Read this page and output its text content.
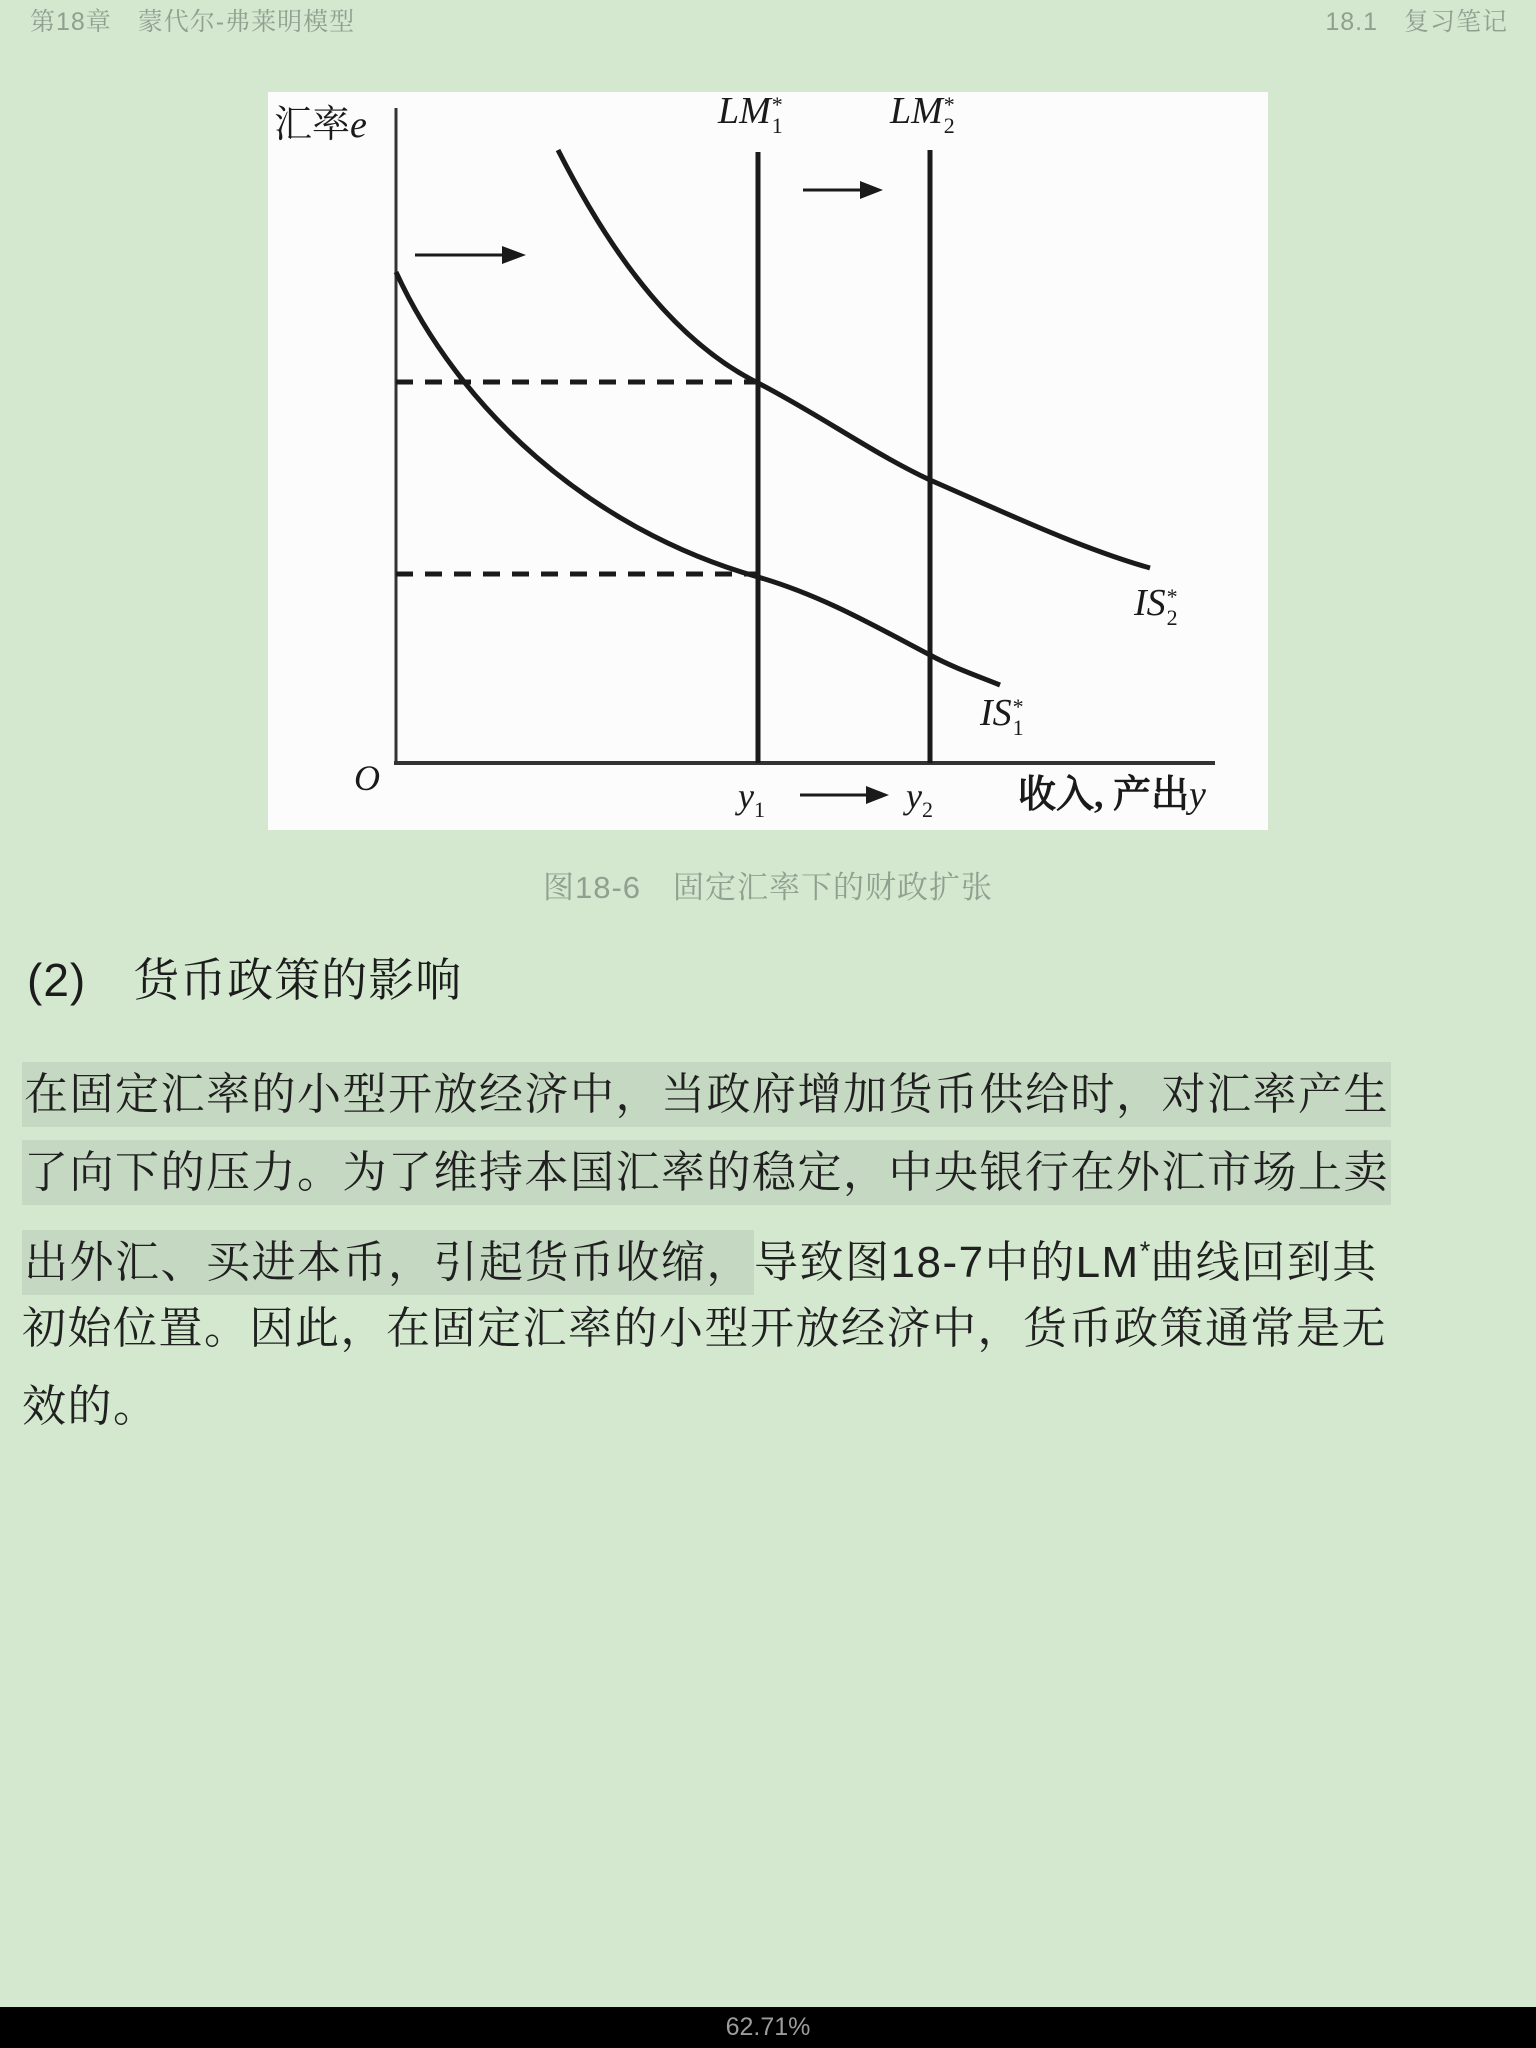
第18章　蒙代尔-弗莱明模型	18.1　复习笔记
汇率e	LM *
1	LM *
2
IS *
2
IS *
1
O	$y_1$	$y_2$ 收入, 产出y
图18-6　固定汇率下的财政扩张
(2)　货币政策的影响
在固定汇率的小型开放经济中，当政府增加货币供给时，对汇率产生
了向下的压力。为了维持本国汇率的稳定，中央银行在外汇市场上卖
出外汇、买进本币，引起货币收缩，导致图18-7中的LM*曲线回到其
初始位置。因此，在固定汇率的小型开放经济中，货币政策通常是无
效的。
62.71%
